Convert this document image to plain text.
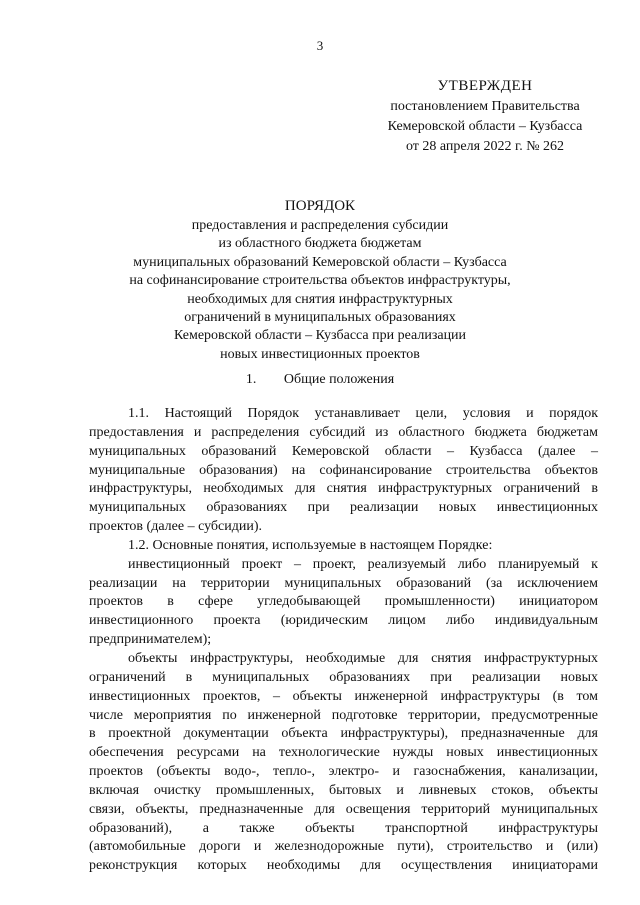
3
УТВЕРЖДЕН
постановлением Правительства
Кемеровской области – Кузбасса
от 28 апреля 2022 г. № 262
ПОРЯДОК
предоставления и распределения субсидии
из областного бюджета бюджетам
муниципальных образований Кемеровской области – Кузбасса
на софинансирование строительства объектов инфраструктуры,
необходимых для снятия инфраструктурных
ограничений в муниципальных образованиях
Кемеровской области – Кузбасса при реализации
новых инвестиционных проектов
1. Общие положения
1.1. Настоящий Порядок устанавливает цели, условия и порядок
предоставления и распределения субсидий из областного бюджета бюджетам
муниципальных образований Кемеровской области – Кузбасса (далее –
муниципальные образования) на софинансирование строительства объектов
инфраструктуры, необходимых для снятия инфраструктурных ограничений в
муниципальных образованиях при реализации новых инвестиционных
проектов (далее – субсидии).
1.2. Основные понятия, используемые в настоящем Порядке:
инвестиционный проект – проект, реализуемый либо планируемый к
реализации на территории муниципальных образований (за исключением
проектов в сфере угледобывающей промышленности) инициатором
инвестиционного проекта (юридическим лицом либо индивидуальным
предпринимателем);
объекты инфраструктуры, необходимые для снятия инфраструктурных
ограничений в муниципальных образованиях при реализации новых
инвестиционных проектов, – объекты инженерной инфраструктуры (в том
числе мероприятия по инженерной подготовке территории, предусмотренные
в проектной документации объекта инфраструктуры), предназначенные для
обеспечения ресурсами на технологические нужды новых инвестиционных
проектов (объекты водо-, тепло-, электро- и газоснабжения, канализации,
включая очистку промышленных, бытовых и ливневых стоков, объекты
связи, объекты, предназначенные для освещения территорий муниципальных
образований), а также объекты транспортной инфраструктуры
(автомобильные дороги и железнодорожные пути), строительство и (или)
реконструкция которых необходимы для осуществления инициаторами
